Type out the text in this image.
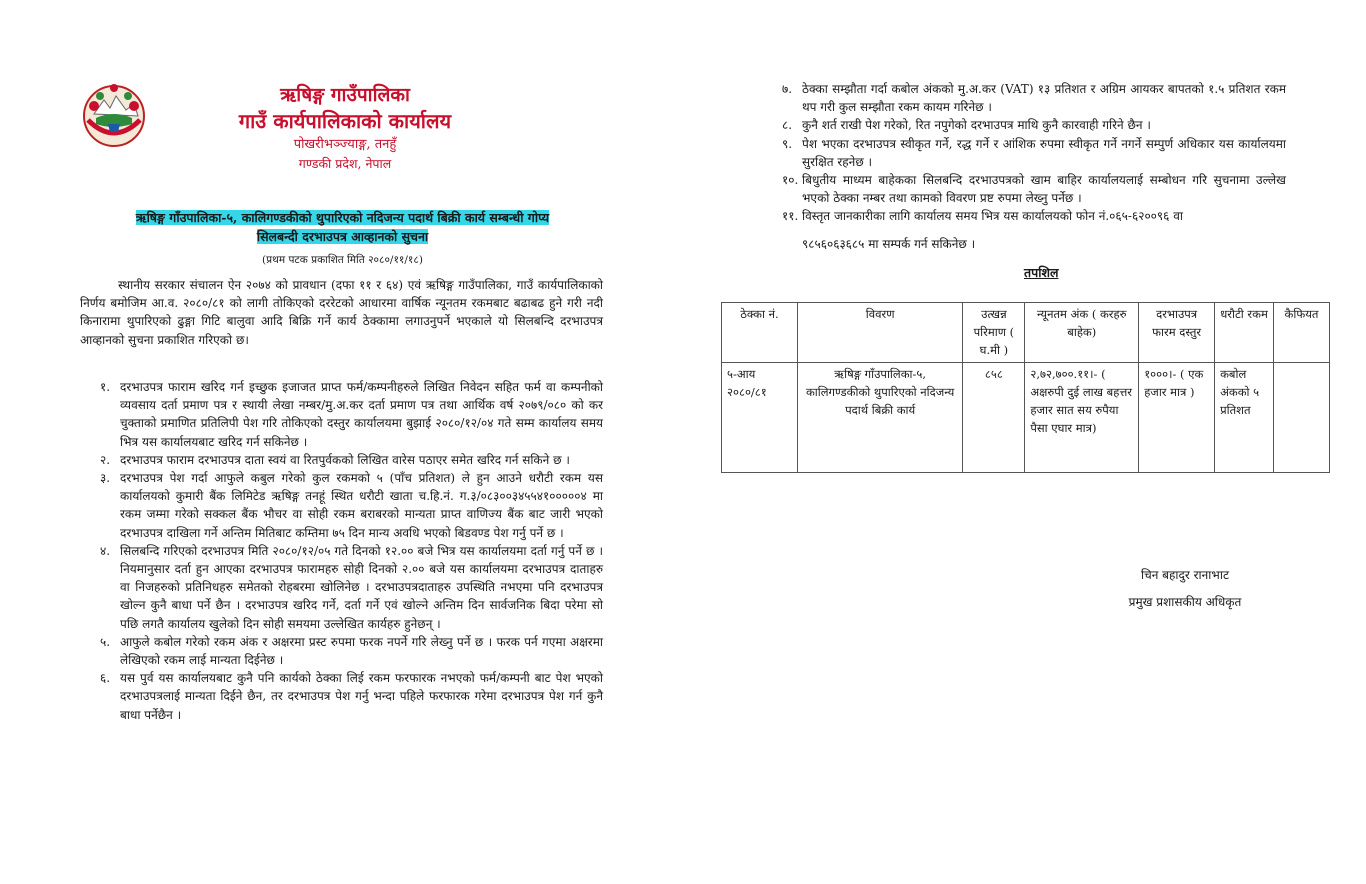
ऋषिङ्ग गाउँपालिका
गाउँ कार्यपालिकाको कार्यालय
पोखरीभञ्ज्याङ्ग, तनहुँ
गण्डकी प्रदेश, नेपाल
ऋषिङ्ग गाँउपालिका-५, कालिगण्डकीको थुपारिएको नदिजन्य पदार्थ बिक्री कार्य सम्बन्धी गोप्य
सिलबन्दी दरभाउपत्र आव्हानको सुचना
(प्रथम पटक प्रकाशित मिति २०८०/११/१८)

स्थानीय सरकार संचालन ऐन २०७४ को प्रावधान (दफा ११ र ६४) एवं ऋषिङ्ग गाउँपालिका, गाउँ कार्यपालिकाको निर्णय बमोजिम आ.व. २०८०/८१ को लागी तोकिएको दररेटको आधारमा वार्षिक न्यूनतम रकमबाट बढाबढ हुने गरी नदी किनारामा थुपारिएको ढुङ्गा गिटि बालुवा आदि बिक्रि गर्ने कार्य ठेक्कामा लगाउनुपर्ने भएकाले यो सिलबन्दि दरभाउपत्र आव्हानको सुचना प्रकाशित गरिएको छ।

१. दरभाउपत्र फाराम खरिद गर्न इच्छुक इजाजत प्राप्त फर्म/कम्पनीहरुले लिखित निवेदन सहित फर्म वा कम्पनीको व्यवसाय दर्ता प्रमाण पत्र र स्थायी लेखा नम्बर/मु.अ.कर दर्ता प्रमाण पत्र तथा आर्थिक वर्ष २०७९/०८० को कर चुक्ताको प्रमाणित प्रतिलिपी पेश गरि तोकिएको दस्तुर कार्यालयमा बुझाई २०८०/१२/०४ गते सम्म कार्यालय समय भित्र यस कार्यालयबाट खरिद गर्न सकिनेछ ।
२. दरभाउपत्र फाराम दरभाउपत्र दाता स्वयं वा रितपुर्वकको लिखित वारेस पठाएर समेत खरिद गर्न सकिने छ ।
३. दरभाउपत्र पेश गर्दा आफुले कबुल गरेको कुल रकमको ५ (पाँच प्रतिशत) ले हुन आउने धरौटी रकम यस कार्यालयको कुमारी बैंक लिमिटेड ऋषिङ्ग तनहूं स्थित धरौटी खाता च.हि.नं. ग.३/०८३००३४५५४१०००००४ मा रकम जम्मा गरेको सक्कल बैंक भौचर वा सोही रकम बराबरको मान्यता प्राप्त वाणिज्य बैंक बाट जारी भएको दरभाउपत्र दाखिला गर्ने अन्तिम मितिबाट कम्तिमा ७५ दिन मान्य अवधि भएको बिडवण्ड पेश गर्नु पर्ने छ ।
४. सिलबन्दि गरिएको दरभाउपत्र मिति २०८०/१२/०५ गते दिनको १२.०० बजे भित्र यस कार्यालयमा दर्ता गर्नु पर्ने छ । नियमानुसार दर्ता हुन आएका दरभाउपत्र फारामहरु सोही दिनको २.०० बजे यस कार्यालयमा दरभाउपत्र दाताहरु वा निजहरुको प्रतिनिधहरु समेतको रोहबरमा खोलिनेछ । दरभाउपत्रदाताहरु उपस्थिति नभएमा पनि दरभाउपत्र खोल्न कुनै बाधा पर्ने छैन । दरभाउपत्र खरिद गर्ने, दर्ता गर्ने एवं खोल्ने अन्तिम दिन सार्वजनिक बिदा परेमा सो पछि लगतै कार्यालय खुलेको दिन सोही समयमा उल्लेखित कार्यहरु हुनेछन् ।
५. आफुले कबोल गरेको रकम अंक र अक्षरमा प्रस्ट रुपमा फरक नपर्ने गरि लेख्नु पर्ने छ । फरक पर्न गएमा अक्षरमा लेखिएको रकम लाई मान्यता दिईनेछ ।
६. यस पुर्व यस कार्यालयबाट कुनै पनि कार्यको ठेक्का लिई रकम फरफारक नभएको फर्म/कम्पनी बाट पेश भएको दरभाउपत्रलाई मान्यता दिईने छैन, तर दरभाउपत्र पेश गर्नु भन्दा पहिले फरफारक गरेमा दरभाउपत्र पेश गर्न कुनै बाधा पर्नेछैन ।
७. ठेक्का सम्झौता गर्दा कबोल अंकको मु.अ.कर (VAT) १३ प्रतिशत र अग्रिम आयकर बापतको १.५ प्रतिशत रकम थप गरी कुल सम्झौता रकम कायम गरिनेछ ।
८. कुनै शर्त राखी पेश गरेको, रित नपुगेको दरभाउपत्र माथि कुनै कारवाही गरिने छैन ।
९. पेश भएका दरभाउपत्र स्वीकृत गर्ने, रद्ध गर्ने र आंशिक रुपमा स्वीकृत गर्ने नगर्ने सम्पुर्ण अधिकार यस कार्यालयमा सुरक्षित रहनेछ ।
१०. बिधुतीय माध्यम बाहेकका सिलबन्दि दरभाउपत्रको खाम बाहिर कार्यालयलाई सम्बोधन गरि सुचनामा उल्लेख भएको ठेक्का नम्बर तथा कामको विवरण प्रष्ट रुपमा लेख्नु पर्नेछ ।
११. विस्तृत जानकारीका लागि कार्यालय समय भित्र यस कार्यालयको फोन नं.०६५-६२००९६ वा
९८५६०६३६८५ मा सम्पर्क गर्न सकिनेछ ।
तपशिल
ठेक्का नं.	विवरण	उत्खन्न परिमाण ( घ.मी )	न्यूनतम अंक ( करहरु बाहेक)	दरभाउपत्र फारम दस्तुर	धरौटी रकम	कैफियत
५-आय २०८०/८१	ऋषिङ्ग गाँउपालिका-५, कालिगण्डकीको थुपारिएको नदिजन्य पदार्थ बिक्री कार्य	८५८	२,७२,७००.११।- ( अक्षरुपी दुई लाख बहत्तर हजार सात सय रुपैया पैसा एघार मात्र)	१०००।- ( एक हजार मात्र )	कबोल अंकको ५ प्रतिशत	
चिन बहादुर रानाभाट
प्रमुख प्रशासकीय अधिकृत
